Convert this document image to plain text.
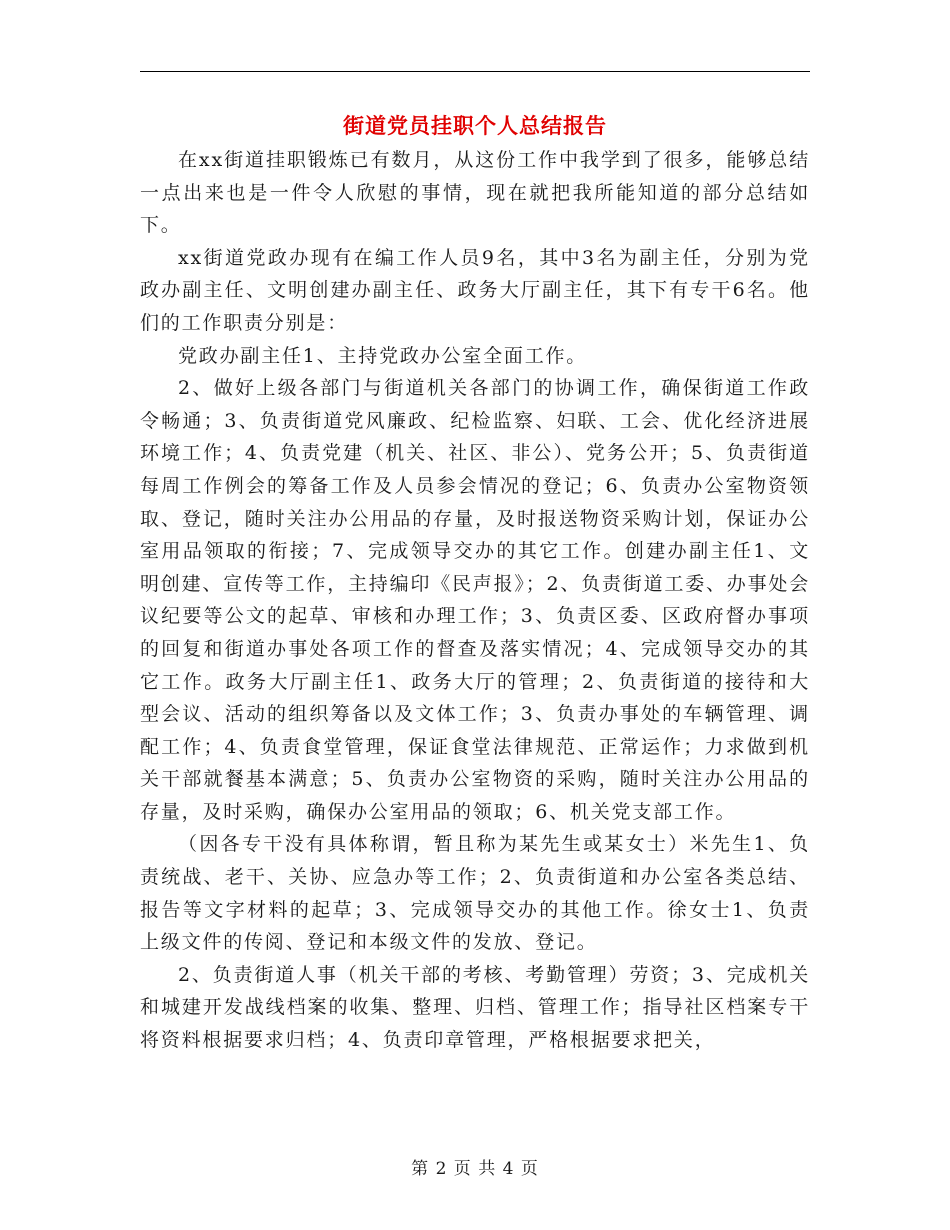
街道党员挂职个人总结报告

在xx街道挂职锻炼已有数月，从这份工作中我学到了很多，能够总结一点出来也是一件令人欣慰的事情，现在就把我所能知道的部分总结如下。

xx街道党政办现有在编工作人员9名，其中3名为副主任，分别为党政办副主任、文明创建办副主任、政务大厅副主任，其下有专干6名。他们的工作职责分别是：

党政办副主任1、主持党政办公室全面工作。

2、做好上级各部门与街道机关各部门的协调工作，确保街道工作政令畅通；3、负责街道党风廉政、纪检监察、妇联、工会、优化经济进展环境工作；4、负责党建（机关、社区、非公）、党务公开；5、负责街道每周工作例会的筹备工作及人员参会情况的登记；6、负责办公室物资领取、登记，随时关注办公用品的存量，及时报送物资采购计划，保证办公室用品领取的衔接；7、完成领导交办的其它工作。创建办副主任1、文明创建、宣传等工作，主持编印《民声报》；2、负责街道工委、办事处会议纪要等公文的起草、审核和办理工作；3、负责区委、区政府督办事项的回复和街道办事处各项工作的督查及落实情况；4、完成领导交办的其它工作。政务大厅副主任1、政务大厅的管理；2、负责街道的接待和大型会议、活动的组织筹备以及文体工作；3、负责办事处的车辆管理、调配工作；4、负责食堂管理，保证食堂法律规范、正常运作；力求做到机关干部就餐基本满意；5、负责办公室物资的采购，随时关注办公用品的存量，及时采购，确保办公室用品的领取；6、机关党支部工作。

（因各专干没有具体称谓，暂且称为某先生或某女士）米先生1、负责统战、老干、关协、应急办等工作；2、负责街道和办公室各类总结、报告等文字材料的起草；3、完成领导交办的其他工作。徐女士1、负责上级文件的传阅、登记和本级文件的发放、登记。

2、负责街道人事（机关干部的考核、考勤管理）劳资；3、完成机关和城建开发战线档案的收集、整理、归档、管理工作；指导社区档案专干将资料根据要求归档；4、负责印章管理，严格根据要求把关，

第 2 页 共 4 页
